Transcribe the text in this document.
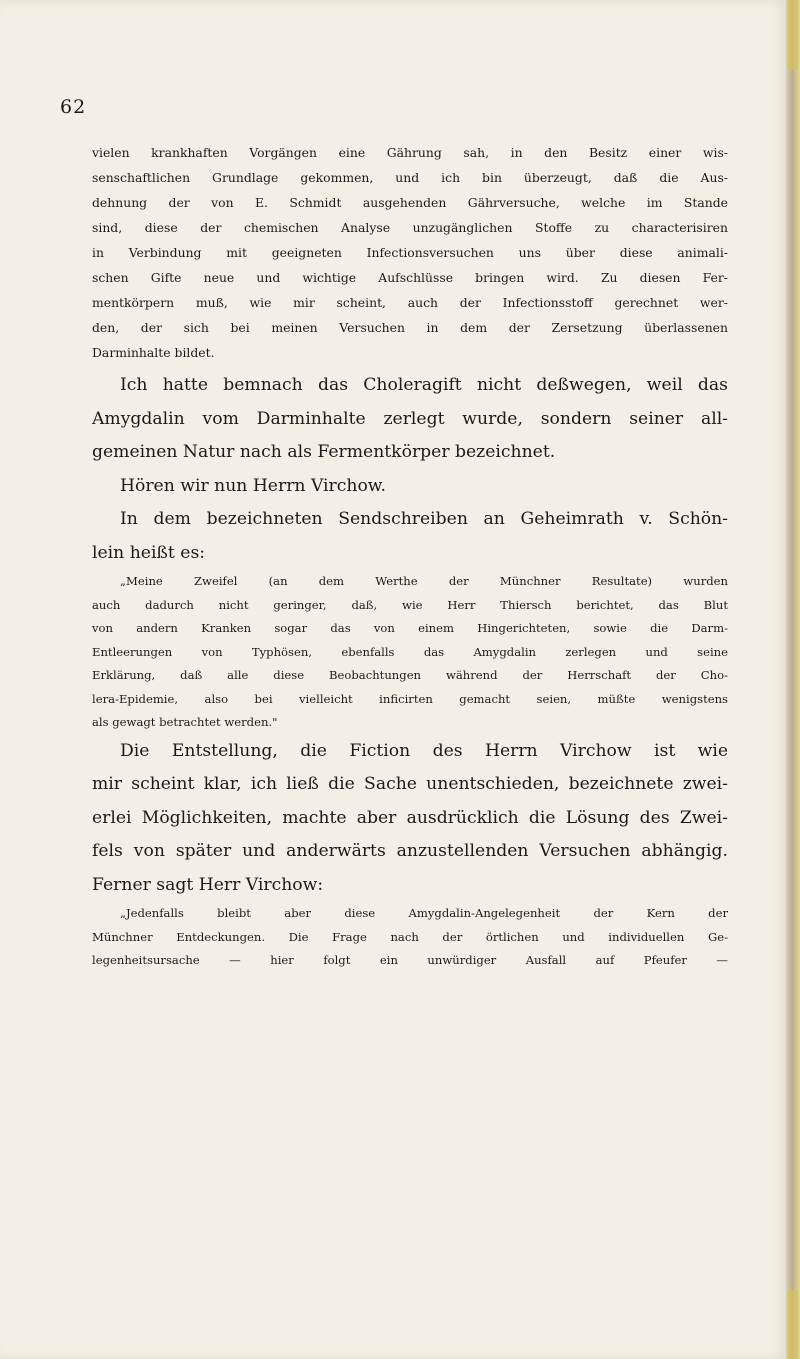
62
vielen krankhaften Vorgängen eine Gährung sah, in den Besitz einer wis-
senschaftlichen Grundlage gekommen, und ich bin überzeugt, daß die Aus-
dehnung der von E. Schmidt ausgehenden Gährversuche, welche im Stande
sind, diese der chemischen Analyse unzugänglichen Stoffe zu characterisiren
in Verbindung mit geeigneten Infectionsversuchen uns über diese animali-
schen Gifte neue und wichtige Aufschlüsse bringen wird. Zu diesen Fer-
mentkörpern muß, wie mir scheint, auch der Infectionsstoff gerechnet wer-
den, der sich bei meinen Versuchen in dem der Zersetzung überlassenen
Darminhalte bildet.
Ich hatte bemnach das Choleragift nicht deßwegen, weil das
Amygdalin vom Darminhalte zerlegt wurde, sondern seiner all-
gemeinen Natur nach als Fermentkörper bezeichnet.
Hören wir nun Herrn Virchow.
In dem bezeichneten Sendschreiben an Geheimrath v. Schön-
lein heißt es:
„Meine Zweifel (an dem Werthe der Münchner Resultate) wurden
auch dadurch nicht geringer, daß, wie Herr Thiersch berichtet, das Blut
von andern Kranken sogar das von einem Hingerichteten, sowie die Darm-
Entleerungen von Typhösen, ebenfalls das Amygdalin zerlegen und seine
Erklärung, daß alle diese Beobachtungen während der Herrschaft der Cho-
lera-Epidemie, also bei vielleicht inficirten gemacht seien, müßte wenigstens
als gewagt betrachtet werden."
Die Entstellung, die Fiction des Herrn Virchow ist wie
mir scheint klar, ich ließ die Sache unentschieden, bezeichnete zwei-
erlei Möglichkeiten, machte aber ausdrücklich die Lösung des Zwei-
fels von später und anderwärts anzustellenden Versuchen abhängig.
Ferner sagt Herr Virchow:
„Jedenfalls bleibt aber diese Amygdalin-Angelegenheit der Kern der
Münchner Entdeckungen. Die Frage nach der örtlichen und individuellen Ge-
legenheitsursache — hier folgt ein unwürdiger Ausfall auf Pfeufer —
